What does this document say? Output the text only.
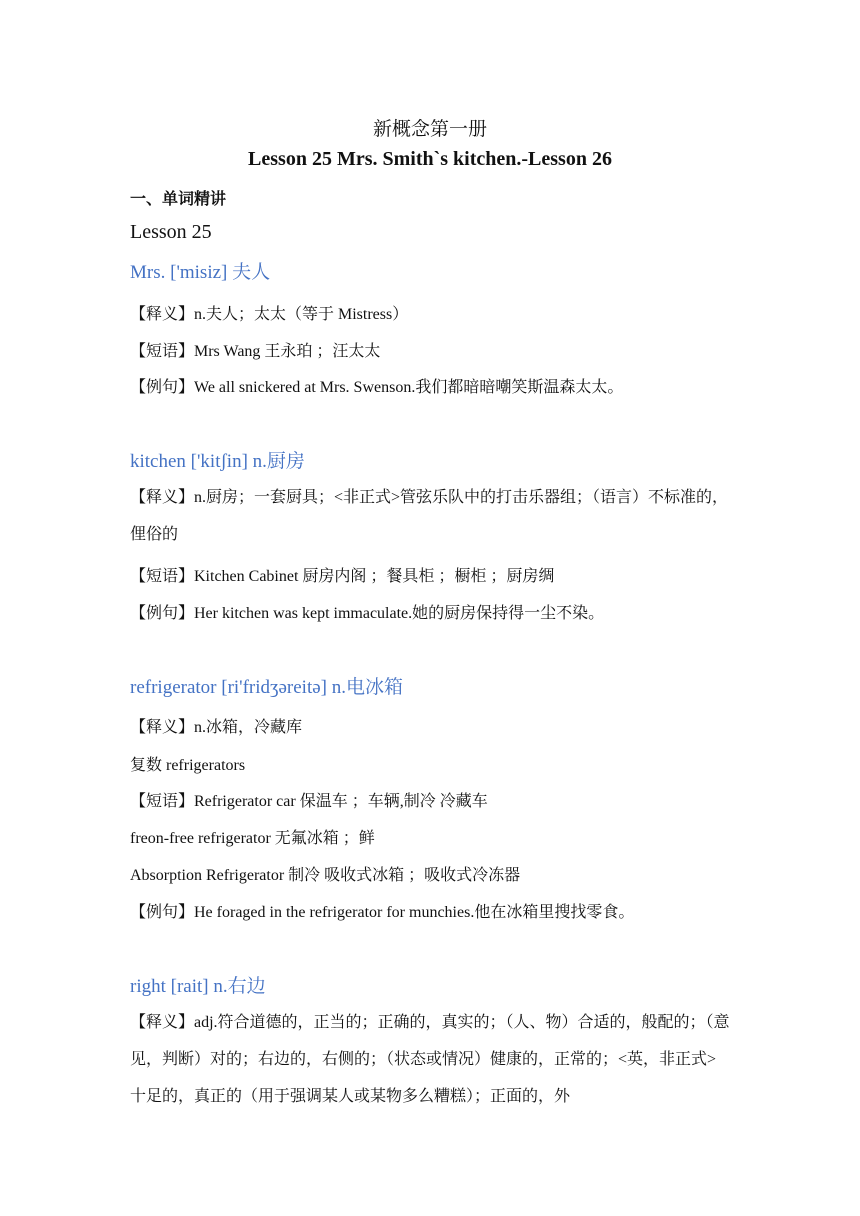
新概念第一册
Lesson 25 Mrs. Smith`s kitchen.-Lesson 26
一、单词精讲
Lesson 25
Mrs. ['misiz] 夫人
【释义】n.夫人；太太（等于 Mistress）
【短语】Mrs Wang 王永珀 ；汪太太
【例句】We all snickered at Mrs. Swenson.我们都暗暗嘲笑斯温森太太。
kitchen ['kitʃin] n.厨房
【释义】n.厨房；一套厨具；<非正式>管弦乐队中的打击乐器组；（语言）不标准的，俚俗的
【短语】Kitchen Cabinet 厨房内阁 ；餐具柜 ；橱柜 ；厨房绸
【例句】Her kitchen was kept immaculate.她的厨房保持得一尘不染。
refrigerator [ri'fridʒəreitə] n.电冰箱
【释义】n.冰箱，冷藏库
复数 refrigerators
【短语】Refrigerator car 保温车 ；车辆,制冷 冷藏车
freon-free refrigerator 无氟冰箱 ；鲜
Absorption Refrigerator 制冷 吸收式冰箱 ；吸收式冷冻器
【例句】He foraged in the refrigerator for munchies.他在冰箱里搜找零食。
right [rait] n.右边
【释义】adj.符合道德的，正当的；正确的，真实的；（人、物）合适的，般配的；（意见，判断）对的；右边的，右侧的；（状态或情况）健康的，正常的；<英，非正式> 十足的，真正的（用于强调某人或某物多么糟糕）；正面的，外
